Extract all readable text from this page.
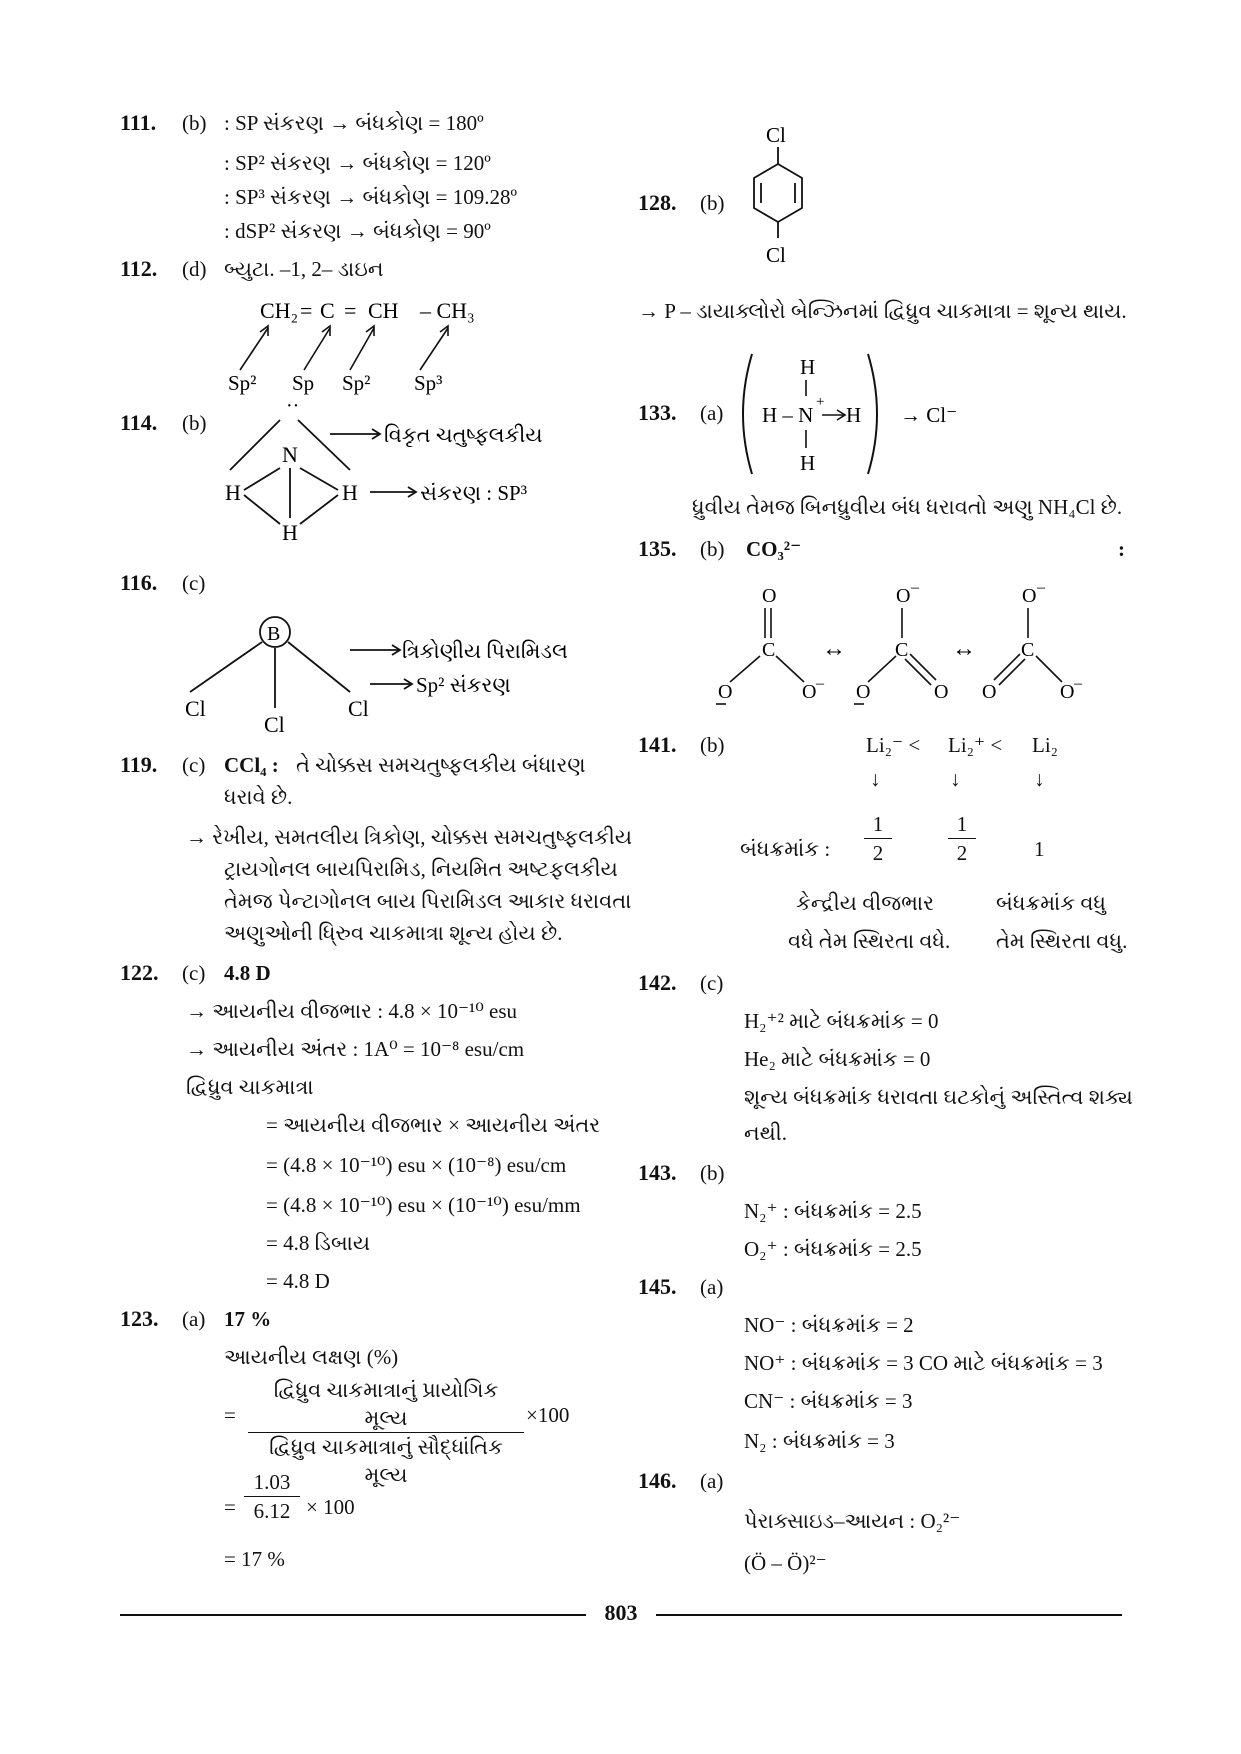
111. (b) : SP સંકરણ → બંધકોણ = 180º
: SP² સંકરણ → બંધકોણ = 120º
: SP³ સંકરણ → બંધકોણ = 109.28º
: dSP² સંકરણ → બંધકોણ = 90º
112. (d) બ્યુટા. –1, 2– ડાઇન
CH₂ = C = CH – CH₃
Sp² Sp Sp² Sp³
114. (b)
N
··
H	H
H
વિકૃત ચતુષ્ફલકીય
સંકરણ : SP³
116. (c)
B
Cl
Cl
Cl
ત્રિકોણીય પિરામિડલ
Sp² સંકરણ
119. (c) CCl₄ : તે ચોક્કસ સમચતુષ્ફલકીય બંધારણ
ધરાવે છે.
→ રેખીય, સમતલીય ત્રિકોણ, ચોક્કસ સમચતુષ્ફલકીય
ટ્રાયગોનલ બાયપિરામિડ, નિયમિત અષ્ટફલકીય
તેમજ પેન્ટાગોનલ બાય પિરામિડલ આકાર ધરાવતા
અણુઓની ધિ્રુવ ચાકમાત્રા શૂન્ય હોય છે.
122. (c) 4.8 D
→ આયનીય વીજભાર : 4.8 × 10⁻¹⁰ esu
→ આયનીય અંતર : 1A⁰ = 10⁻⁸ esu/cm
દ્વિધ્રુવ ચાકમાત્રા
= આયનીય વીજભાર × આયનીય અંતર
= (4.8 × 10⁻¹⁰) esu × (10⁻⁸) esu/cm
= (4.8 × 10⁻¹⁰) esu × (10⁻¹⁰) esu/mm
= 4.8 ડિબાય
= 4.8 D
123. (a) 17 %
આયનીય લક્ષણ (%)
=
દ્વિધ્રુવ ચાકમાત્રાનું પ્રાયોગિક મૂલ્ય
દ્વિધ્રુવ ચાકમાત્રાનું સૌદ્ધાંતિક મૂલ્ય
×100
= $\frac{1.03}{6.12} \times 100$
= 17 %
128. (b)
Cl
Cl
→ P – ડાયાક્લોરો બેન્ઝિનમાં દ્વિધ્રુવ ચાકમાત્રા = શૂન્ય થાય.
133. (a)
H
H – N
+
H
H
→ Cl⁻
ધ્રુવીય તેમજ બિનધ્રુવીય બંધ ધરાવતો અણુ NH₄Cl છે.
135. (b) CO₃²⁻	:
O
C
O	O –
↔
O –
C
O	O
↔
O –
C
O	O –
141. (b)	Li₂⁻ < Li₂⁺ < Li₂
↓	↓	↓
બંધક્રમાંક : $\frac{1}{2}$	$\frac{1}{2}$	1
કેન્દ્રીય વીજભાર	બંધક્રમાંક વધુ
વધે તેમ સ્થિરતા વધે. તેમ સ્થિરતા વધુ.
142. (c)
H₂⁺² માટે બંધક્રમાંક = 0
He₂ માટે બંધક્રમાંક = 0
શૂન્ય બંધક્રમાંક ધરાવતા ઘટકોનું અસ્તિત્વ શક્ય
નથી.
143. (b)
N₂⁺ : બંધક્રમાંક = 2.5
O₂⁺ : બંધક્રમાંક = 2.5
145. (a)
NO⁻ : બંધક્રમાંક = 2
NO⁺ : બંધક્રમાંક = 3 CO માટે બંધક્રમાંક = 3
CN⁻ : બંધક્રમાંક = 3
N₂ : બંધક્રમાંક = 3
146. (a)
પેરાક્સાઇડ–આયન : O₂²⁻
(Ö – Ö)²⁻
803
